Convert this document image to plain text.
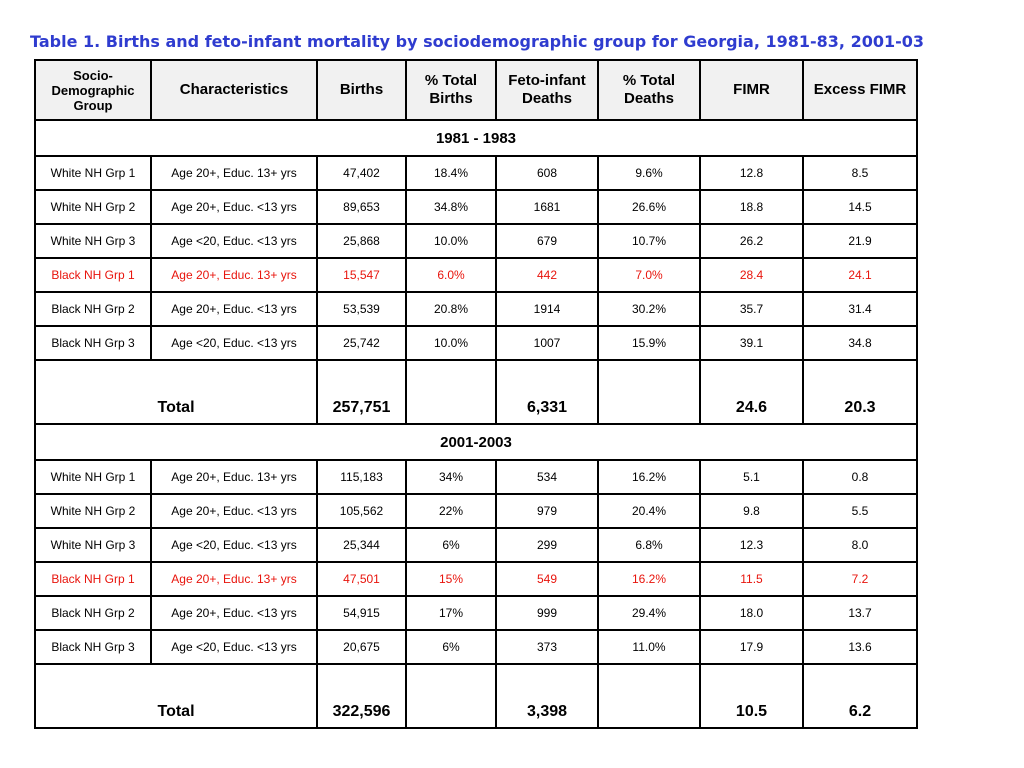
Table 1. Births and feto-infant mortality by sociodemographic group for Georgia, 1981-83, 2001-03
Socio-Demographic Group	Characteristics	Births	% Total Births	Feto-infant Deaths	% Total Deaths	FIMR	Excess FIMR
1981 - 1983							
White NH Grp 1	Age 20+, Educ. 13+ yrs	47,402	18.4%	608	9.6%	12.8	8.5
White NH Grp 2	Age 20+, Educ. <13 yrs	89,653	34.8%	1681	26.6%	18.8	14.5
White NH Grp 3	Age <20, Educ. <13 yrs	25,868	10.0%	679	10.7%	26.2	21.9
Black NH Grp 1	Age 20+, Educ. 13+ yrs	15,547	6.0%	442	7.0%	28.4	24.1
Black NH Grp 2	Age 20+, Educ. <13 yrs	53,539	20.8%	1914	30.2%	35.7	31.4
Black NH Grp 3	Age <20, Educ. <13 yrs	25,742	10.0%	1007	15.9%	39.1	34.8
Total		257,751		6,331		24.6	20.3
2001-2003							
White NH Grp 1	Age 20+, Educ. 13+ yrs	115,183	34%	534	16.2%	5.1	0.8
White NH Grp 2	Age 20+, Educ. <13 yrs	105,562	22%	979	20.4%	9.8	5.5
White NH Grp 3	Age <20, Educ. <13 yrs	25,344	6%	299	6.8%	12.3	8.0
Black NH Grp 1	Age 20+, Educ. 13+ yrs	47,501	15%	549	16.2%	11.5	7.2
Black NH Grp 2	Age 20+, Educ. <13 yrs	54,915	17%	999	29.4%	18.0	13.7
Black NH Grp 3	Age <20, Educ. <13 yrs	20,675	6%	373	11.0%	17.9	13.6
Total		322,596		3,398		10.5	6.2
